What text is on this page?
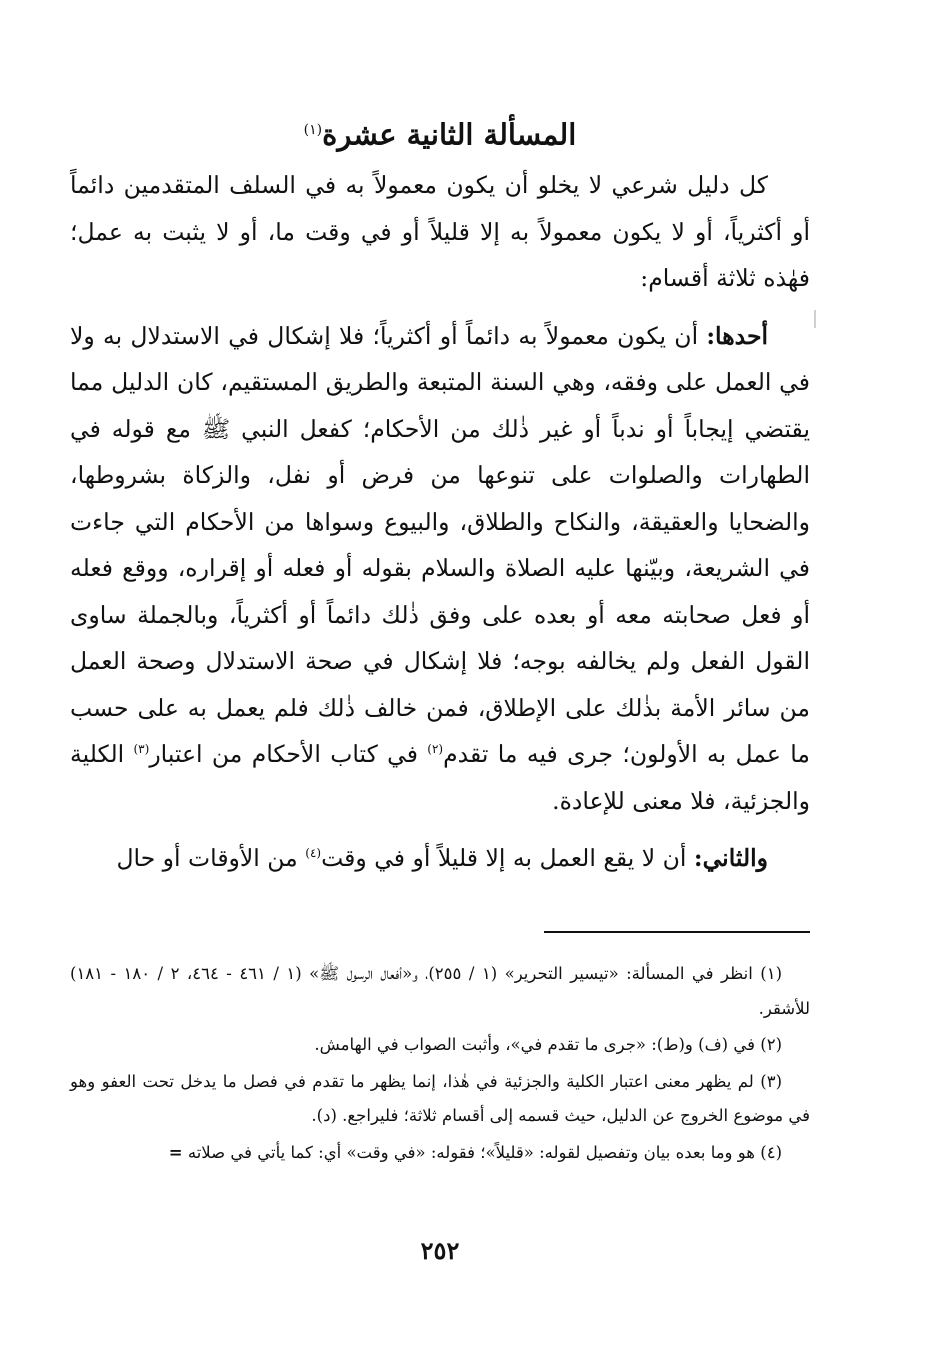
المسألة الثانية عشرة$^{(١)}$

كل دليل شرعي لا يخلو أن يكون معمولاً به في السلف المتقدمين دائماً أو أكثرياً، أو لا يكون معمولاً به إلا قليلاً أو في وقت ما، أو لا يثبت به عمل؛ فهٰذه ثلاثة أقسام:

أحدها: أن يكون معمولاً به دائماً أو أكثرياً؛ فلا إشكال في الاستدلال به ولا في العمل على وفقه، وهي السنة المتبعة والطريق المستقيم، كان الدليل مما يقتضي إيجاباً أو ندباً أو غير ذٰلك من الأحكام؛ كفعل النبي ﷺ مع قوله في الطهارات والصلوات على تنوعها من فرض أو نفل، والزكاة بشروطها، والضحايا والعقيقة، والنكاح والطلاق، والبيوع وسواها من الأحكام التي جاءت في الشريعة، وبيّنها عليه الصلاة والسلام بقوله أو فعله أو إقراره، ووقع فعله أو فعل صحابته معه أو بعده على وفق ذٰلك دائماً أو أكثرياً، وبالجملة ساوى القول الفعل ولم يخالفه بوجه؛ فلا إشكال في صحة الاستدلال وصحة العمل من سائر الأمة بذٰلك على الإطلاق، فمن خالف ذٰلك فلم يعمل به على حسب ما عمل به الأولون؛ جرى فيه ما تقدم$^{(٢)}$ في كتاب الأحكام من اعتبار$^{(٣)}$ الكلية والجزئية، فلا معنى للإعادة.

والثاني: أن لا يقع العمل به إلا قليلاً أو في وقت$^{(٤)}$ من الأوقات أو حال

(١) انظر في المسألة: «تيسير التحرير» (١ / ٢٥٥)، و«أفعال الرسول ﷺ» (١ / ٤٦١ - ٤٦٤، ٢ / ١٨٠ - ١٨١) للأشقر.

(٢) في (ف) و(ط): «جرى ما تقدم في»، وأثبت الصواب في الهامش.

(٣) لم يظهر معنى اعتبار الكلية والجزئية في هٰذا، إنما يظهر ما تقدم في فصل ما يدخل تحت العفو وهو في موضوع الخروج عن الدليل، حيث قسمه إلى أقسام ثلاثة؛ فليراجع. (د).

(٤) هو وما بعده بيان وتفصيل لقوله: «قليلاً»؛ فقوله: «في وقت» أي: كما يأتي في صلاته =

٢٥٢
